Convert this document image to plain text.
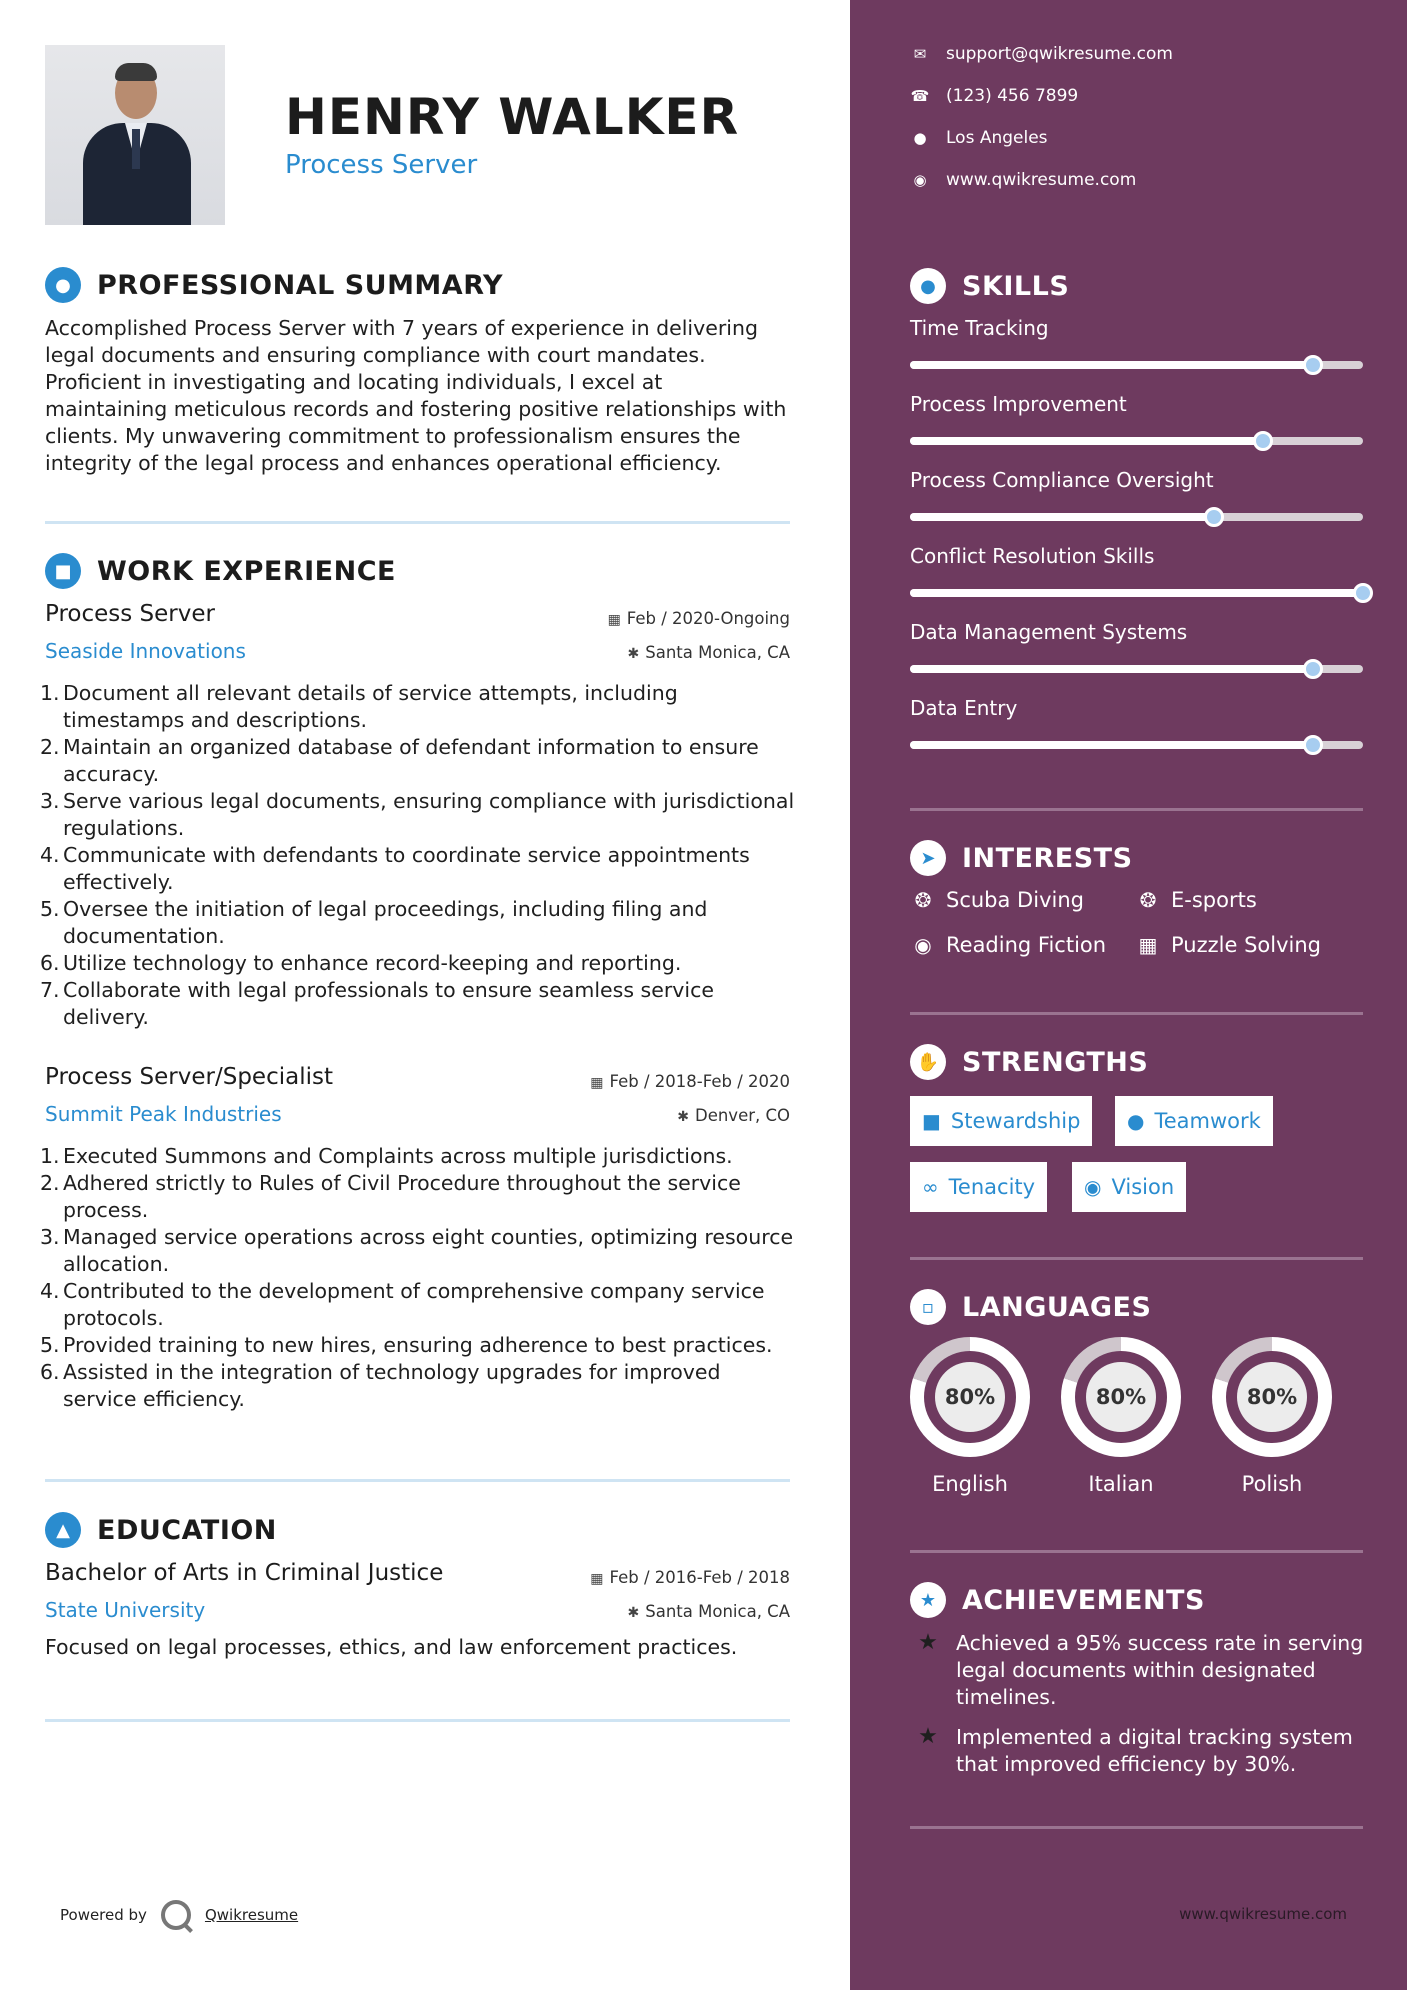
HENRY WALKER
Process Server
● PROFESSIONAL SUMMARY
Accomplished Process Server with 7 years of experience in delivering legal documents and ensuring compliance with court mandates. Proficient in investigating and locating individuals, I excel at maintaining meticulous records and fostering positive relationships with clients. My unwavering commitment to professionalism ensures the integrity of the legal process and enhances operational efficiency.
■ WORK EXPERIENCE
Process Server	▦ Feb / 2020-Ongoing
Seaside Innovations	✱ Santa Monica, CA
1. Document all relevant details of service attempts, including timestamps and descriptions.
2. Maintain an organized database of defendant information to ensure accuracy.
3. Serve various legal documents, ensuring compliance with jurisdictional regulations.
4. Communicate with defendants to coordinate service appointments effectively.
5. Oversee the initiation of legal proceedings, including filing and documentation.
6. Utilize technology to enhance record-keeping and reporting.
7. Collaborate with legal professionals to ensure seamless service delivery.
Process Server/Specialist	▦ Feb / 2018-Feb / 2020
Summit Peak Industries	✱ Denver, CO
1. Executed Summons and Complaints across multiple jurisdictions.
2. Adhered strictly to Rules of Civil Procedure throughout the service process.
3. Managed service operations across eight counties, optimizing resource allocation.
4. Contributed to the development of comprehensive company service protocols.
5. Provided training to new hires, ensuring adherence to best practices.
6. Assisted in the integration of technology upgrades for improved service efficiency.
▲	EDUCATION
Bachelor of Arts in Criminal Justice	▦ Feb / 2016-Feb / 2018
State University	✱ Santa Monica, CA
Focused on legal processes, ethics, and law enforcement practices.
Powered by	Qwikresume
✉ support@qwikresume.com
☎ (123) 456 7899
● Los Angeles
◉ www.qwikresume.com
● SKILLS
Time Tracking
Process Improvement
Process Compliance Oversight
Conflict Resolution Skills
Data Management Systems
Data Entry
➤ INTERESTS
❂ Scuba Diving	❂ E-sports
◉ Reading Fiction ▦ Puzzle Solving
✋ STRENGTHS
■ Stewardship ● Teamwork
∞ Tenacity ◉ Vision
▫	LANGUAGES
80%
English
80%
Italian
80%
Polish
★ ACHIEVEMENTS
★ Achieved a 95% success rate in serving legal documents within designated timelines.
★ Implemented a digital tracking system that improved efficiency by 30%.
www.qwikresume.com
